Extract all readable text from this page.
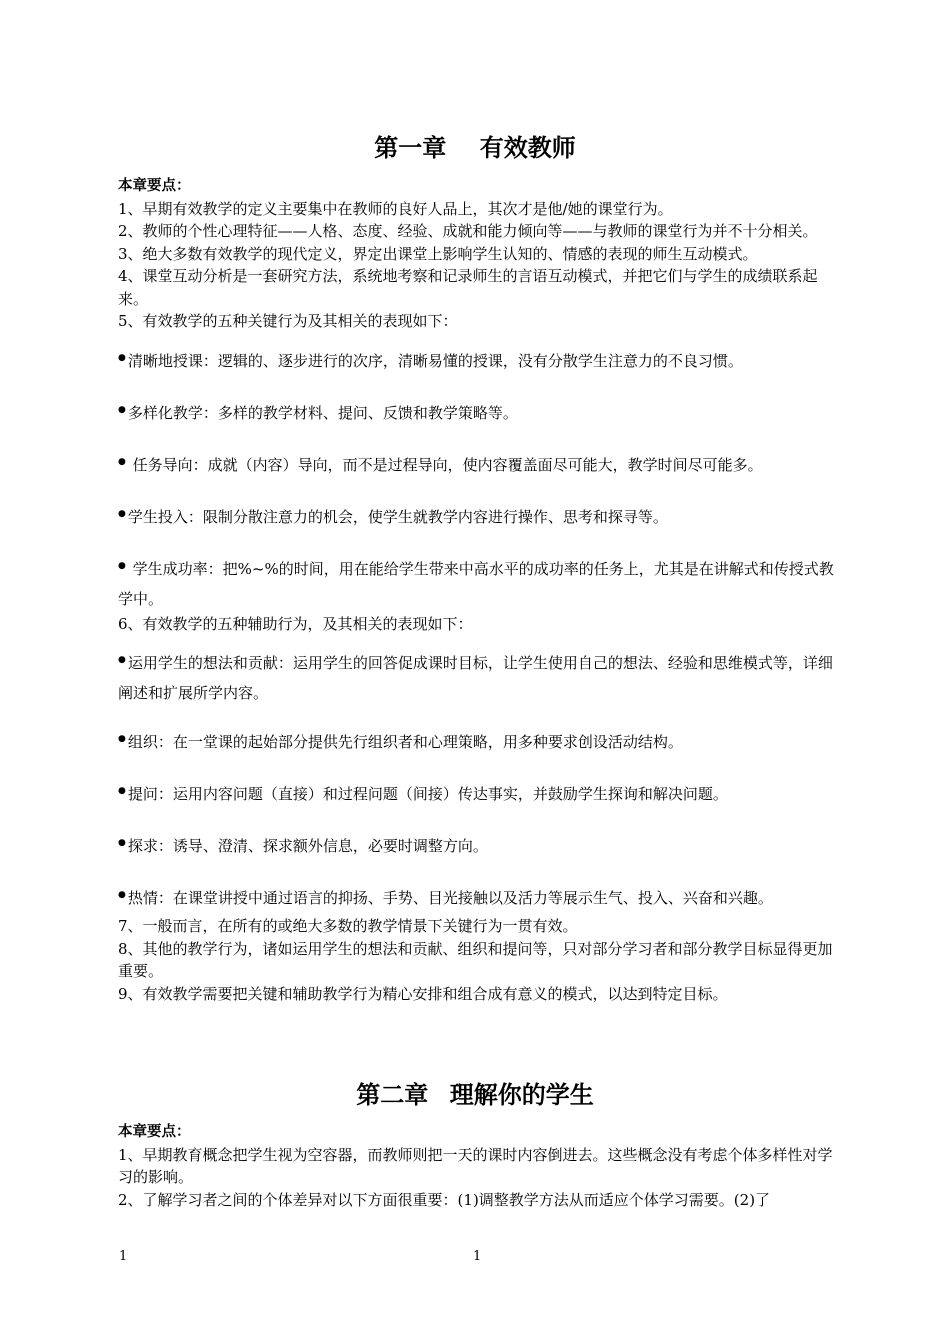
第一章 有效教师

本章要点：

1、早期有效教学的定义主要集中在教师的良好人品上，其次才是他/她的课堂行为。

2、教师的个性心理特征——人格、态度、经验、成就和能力倾向等——与教师的课堂行为并不十分相关。

3、绝大多数有效教学的现代定义，界定出课堂上影响学生认知的、情感的表现的师生互动模式。

4、课堂互动分析是一套研究方法，系统地考察和记录师生的言语互动模式，并把它们与学生的成绩联系起来。

5、有效教学的五种关键行为及其相关的表现如下：

● 清晰地授课：逻辑的、逐步进行的次序，清晰易懂的授课，没有分散学生注意力的不良习惯。

● 多样化教学：多样的教学材料、提问、反馈和教学策略等。

● 任务导向：成就（内容）导向，而不是过程导向，使内容覆盖面尽可能大，教学时间尽可能多。

● 学生投入：限制分散注意力的机会，使学生就教学内容进行操作、思考和探寻等。

● 学生成功率：把%~%的时间，用在能给学生带来中高水平的成功率的任务上，尤其是在讲解式和传授式教学中。

6、有效教学的五种辅助行为，及其相关的表现如下：

● 运用学生的想法和贡献：运用学生的回答促成课时目标，让学生使用自己的想法、经验和思维模式等，详细阐述和扩展所学内容。

● 组织：在一堂课的起始部分提供先行组织者和心理策略，用多种要求创设活动结构。

● 提问：运用内容问题（直接）和过程问题（间接）传达事实，并鼓励学生探询和解决问题。

● 探求：诱导、澄清、探求额外信息，必要时调整方向。

● 热情：在课堂讲授中通过语言的抑扬、手势、目光接触以及活力等展示生气、投入、兴奋和兴趣。

7、一般而言，在所有的或绝大多数的教学情景下关键行为一贯有效。

8、其他的教学行为，诸如运用学生的想法和贡献、组织和提问等，只对部分学习者和部分教学目标显得更加重要。

9、有效教学需要把关键和辅助教学行为精心安排和组合成有意义的模式，以达到特定目标。

第二章 理解你的学生

本章要点：

1、早期教育概念把学生视为空容器，而教师则把一天的课时内容倒进去。这些概念没有考虑个体多样性对学习的影响。

2、了解学习者之间的个体差异对以下方面很重要：(1)调整教学方法从而适应个体学习需要。(2)了

1	1
